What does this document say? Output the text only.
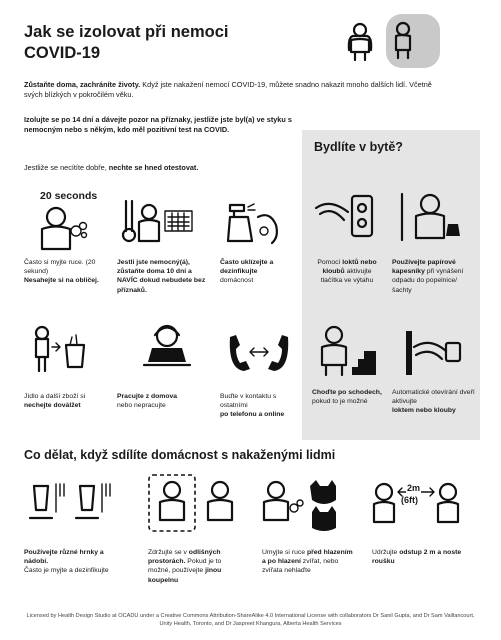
Jak se izolovat při nemoci COVID-19
Zůstaňte doma, zachráníte životy. Když jste nakažení nemocí COVID-19, můžete snadno nakazit mnoho dalších lidí. Včetně svých blízkých v pokročilém věku.
Izolujte se po 14 dní a dávejte pozor na příznaky, jestliže jste byl(a) ve styku s nemocným nebo s někým, kdo měl pozitivní test na COVID.
Jestliže se necítíte dobře, nechte se hned otestovat.
Bydlíte v bytě?
20 seconds
Často si myjte ruce. (20 sekund)
Nesahejte si na obličej.
Jestli jste nemocný(á), zůstaňte doma 10 dní a NAVÍC dokud nebudete bez příznaků.
Často uklízejte a dezinfikujte
domácnost
Jídlo a další zboží si
nechejte doválžet
Pracujte z domova
nebo nepracujte
Buďte v kontaktu s ostatními
po telefonu a online
Pomocí loktů nebo kloubů aktivujte tlačítka ve výtahu
Používejte papírové kapesníky při vynášení odpadu do popelnice/šachty
Choďte po schodech,
pokud to je možné
Automatické otevírání dveří aktivujte
loktem nebo klouby
Co dělat, když sdílíte domácnost s nakaženými lidmi
2m
(6ft)
Používejte různé hrnky a nádobí.
Často je myjte a dezinfikujte
Zdržujte se v odlišných prostorách. Pokud je to možné, používejte jinou koupelnu
Umyjte si ruce před hlazením a po hlazení zvířat, nebo zvířata nehlaďte
Udržujte odstup 2 m a noste roušku
Licensed by Health Design Studio at OCADU under a Creative Commons Attribution-ShareAlike 4.0 International License with collaborators Dr Sanil Gupta, and Dr Sam Vaillancourt, Unity Health, Toronto, and Dr Jaspreet Khangura, Alberta Health Services
